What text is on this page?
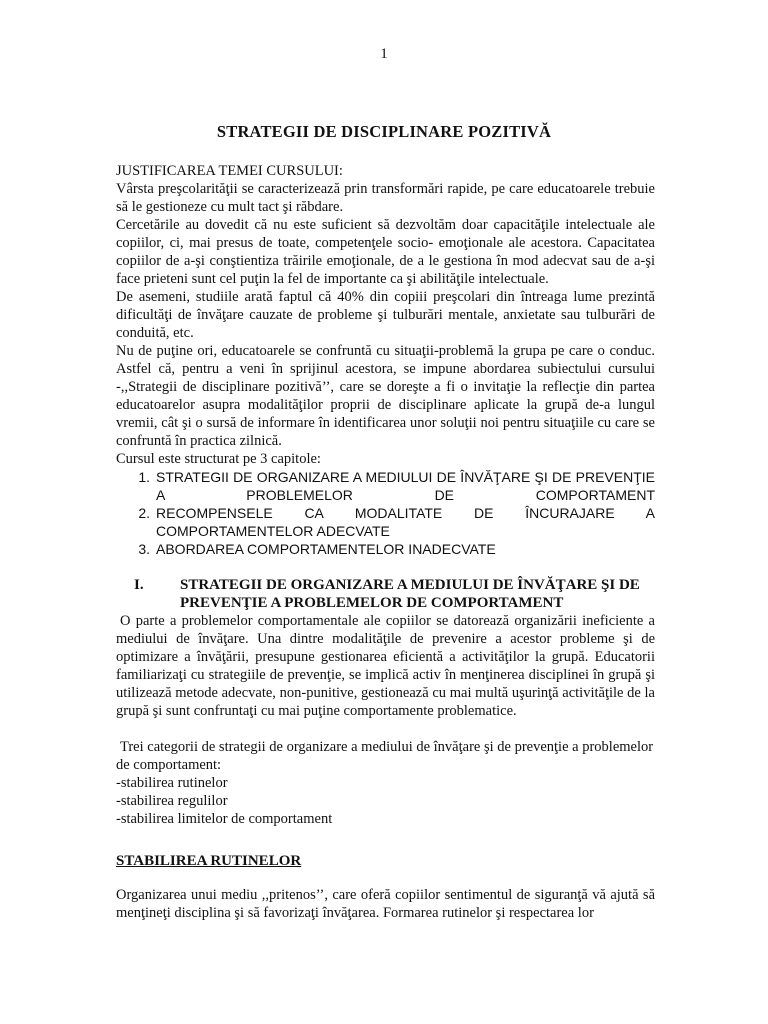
1
STRATEGII DE DISCIPLINARE POZITIVĂ

JUSTIFICAREA TEMEI CURSULUI:

Vârsta preşcolarităţii se caracterizează prin transformări rapide, pe care educatoarele trebuie să le gestioneze cu mult tact şi răbdare.

Cercetările au dovedit că nu este suficient să dezvoltăm doar capacităţile intelectuale ale copiilor, ci, mai presus de toate, competenţele socio- emoţionale ale acestora. Capacitatea copiilor de a-şi conştientiza trăirile emoţionale, de a le gestiona în mod adecvat sau de a-şi face prieteni sunt cel puţin la fel de importante ca şi abilităţile intelectuale.

De asemeni, studiile arată faptul că 40% din copiii preşcolari din întreaga lume prezintă dificultăţi de învăţare cauzate de probleme şi tulburări mentale, anxietate sau tulburări de conduită, etc.

Nu de puţine ori, educatoarele se confruntă cu situaţii-problemă la grupa pe care o conduc. Astfel că, pentru a veni în sprijinul acestora, se impune abordarea subiectului cursului -,,Strategii de disciplinare pozitivă’’, care se doreşte a fi o invitaţie la reflecţie din partea educatoarelor asupra modalităţilor proprii de disciplinare aplicate la grupă de-a lungul vremii, cât şi o sursă de informare în identificarea unor soluţii noi pentru situaţiile cu care se confruntă în practica zilnică.

Cursul este structurat pe 3 capitole:

1. STRATEGII DE ORGANIZARE A MEDIULUI DE ÎNVĂŢARE ŞI DE PREVENŢIE A PROBLEMELOR DE COMPORTAMENT
2. RECOMPENSELE CA MODALITATE DE ÎNCURAJARE A COMPORTAMENTELOR ADECVATE
3. ABORDAREA COMPORTAMENTELOR INADECVATE
I.	STRATEGII DE ORGANIZARE A MEDIULUI DE ÎNVĂŢARE ŞI DE PREVENŢIE A PROBLEMELOR DE COMPORTAMENT

O parte a problemelor comportamentale ale copiilor se datorează organizării ineficiente a mediului de învăţare. Una dintre modalităţile de prevenire a acestor probleme şi de optimizare a învăţării, presupune gestionarea eficientă a activităţilor la grupă. Educatorii familiarizaţi cu strategiile de prevenţie, se implică activ în menţinerea disciplinei în grupă şi utilizează metode adecvate, non-punitive, gestionează cu mai multă uşurinţă activităţile de la grupă şi sunt confruntaţi cu mai puţine comportamente problematice.

Trei categorii de strategii de organizare a mediului de învăţare şi de prevenţie a problemelor de comportament:

-stabilirea rutinelor

-stabilirea regulilor

-stabilirea limitelor de comportament

STABILIREA RUTINELOR

Organizarea unui mediu ,,pritenos’’, care oferă copiilor sentimentul de siguranţă vă ajută să menţineţi disciplina şi să favorizaţi învăţarea. Formarea rutinelor şi respectarea lor
